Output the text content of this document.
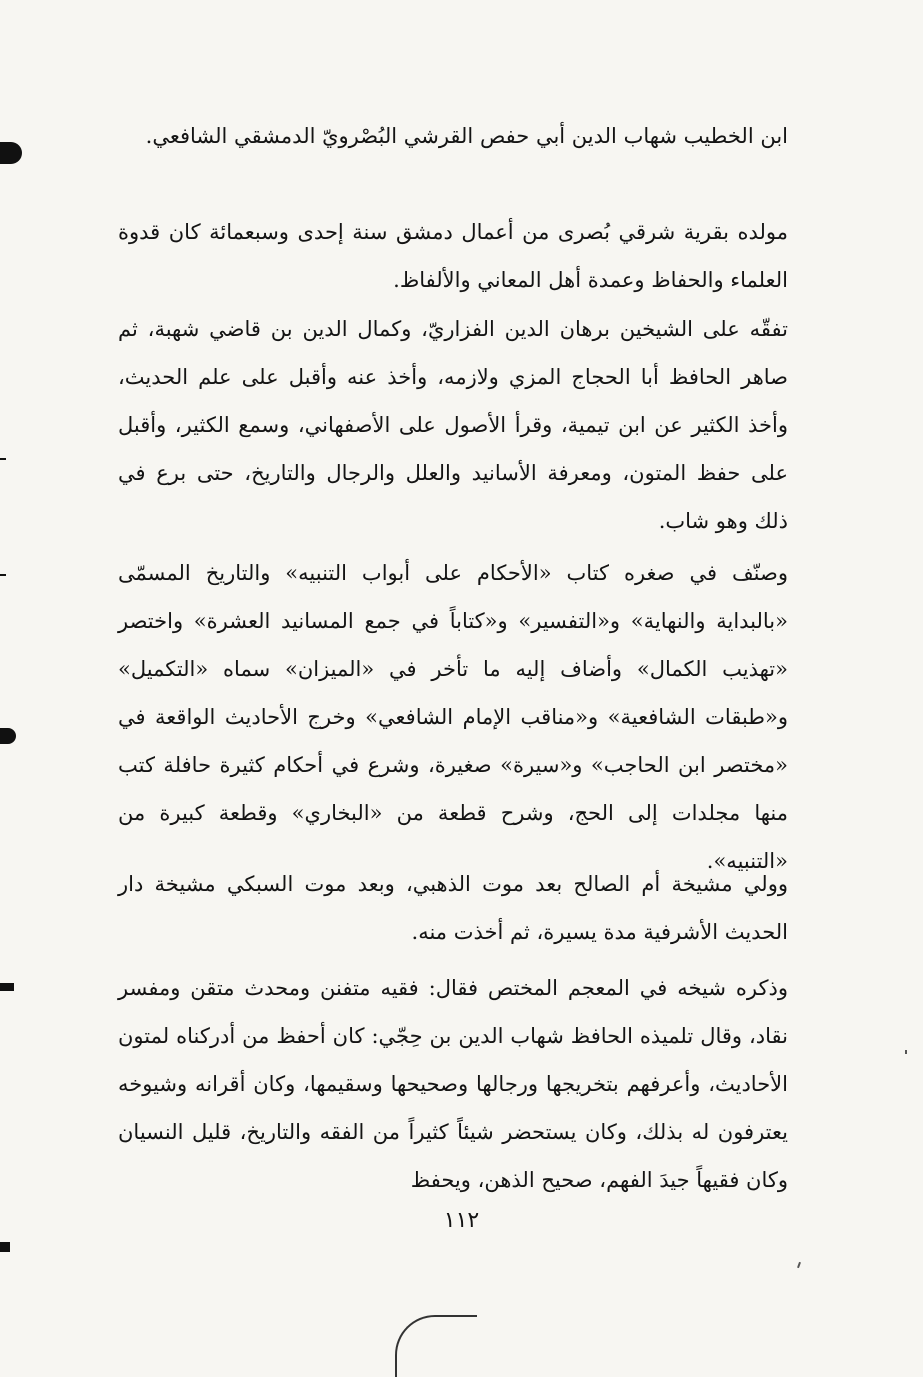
ابن الخطيب شهاب الدين أبي حفص القرشي البُصْرويّ الدمشقي الشافعي.

مولده بقرية شرقي بُصرى من أعمال دمشق سنة إحدى وسبعمائة كان قدوة العلماء والحفاظ وعمدة أهل المعاني والألفاظ.

تفقّه على الشيخين برهان الدين الفزاريّ، وكمال الدين بن قاضي شهبة، ثم صاهر الحافظ أبا الحجاج المزي ولازمه، وأخذ عنه وأقبل على علم الحديث، وأخذ الكثير عن ابن تيمية، وقرأ الأصول على الأصفهاني، وسمع الكثير، وأقبل على حفظ المتون، ومعرفة الأسانيد والعلل والرجال والتاريخ، حتى برع في ذلك وهو شاب.

وصنّف في صغره كتاب «الأحكام على أبواب التنبيه» والتاريخ المسمّى «بالبداية والنهاية» و«التفسير» و«كتاباً في جمع المسانيد العشرة» واختصر «تهذيب الكمال» وأضاف إليه ما تأخر في «الميزان» سماه «التكميل» و«طبقات الشافعية» و«مناقب الإمام الشافعي» وخرج الأحاديث الواقعة في «مختصر ابن الحاجب» و«سيرة» صغيرة، وشرع في أحكام كثيرة حافلة كتب منها مجلدات إلى الحج، وشرح قطعة من «البخاري» وقطعة كبيرة من «التنبيه».

وولي مشيخة أم الصالح بعد موت الذهبي، وبعد موت السبكي مشيخة دار الحديث الأشرفية مدة يسيرة، ثم أخذت منه.

وذكره شيخه في المعجم المختص فقال: فقيه متفنن ومحدث متقن ومفسر نقاد، وقال تلميذه الحافظ شهاب الدين بن حِجّي: كان أحفظ من أدركناه لمتون الأحاديث، وأعرفهم بتخريجها ورجالها وصحيحها وسقيمها، وكان أقرانه وشيوخه يعترفون له بذلك، وكان يستحضر شيئاً كثيراً من الفقه والتاريخ، قليل النسيان وكان فقيهاً جيدَ الفهم، صحيح الذهن، ويحفظ

١١٢
